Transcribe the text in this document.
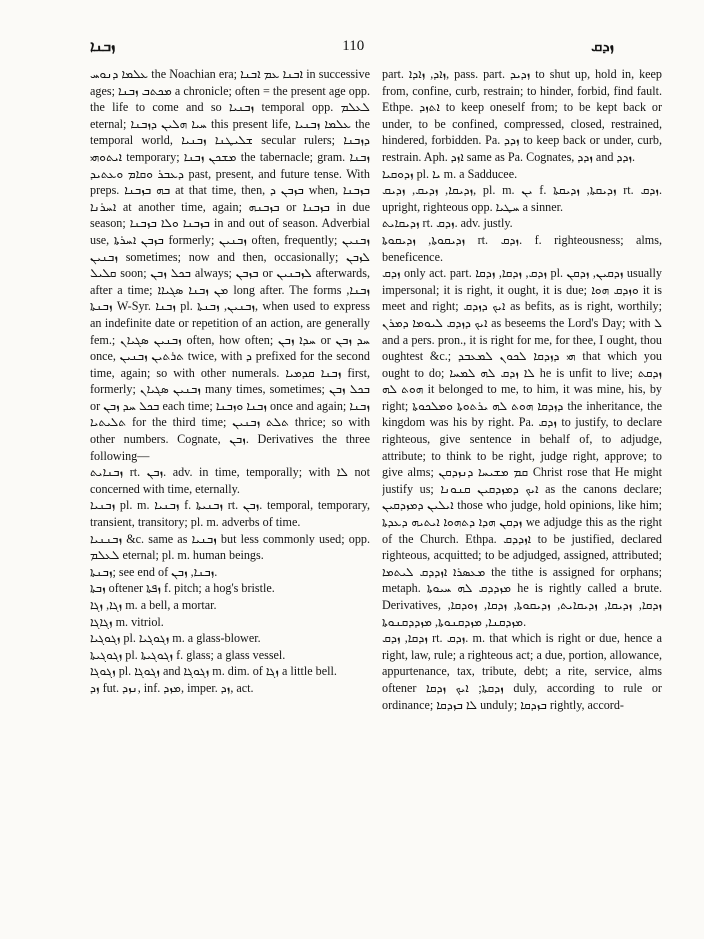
ܙܒܢܐ	110	ܙܕܩ

ܥܠܡܐ ܕܢܘܚ the Noachian era; ܐܒܢܐ ܥܡ ܐܒܢܐ in successive ages; ܡܟܬܒ ܙܒܢܐ a chronicle; often = the present age opp. the life to come and so ܙܒܢܝܐ temporal opp. ܠܥܠܡ eternal; ܚܝܐ ܗܠܝܢ ܕܙܒܢܐ this present life, ܥܠܡܐ ܙܒܢܝܐ the temporal world, ܫܠܝܛܢܐ ܙܒܢܝܐ secular rulers; ܕܙܒܢܐ ܐܝܬܘܗܝ temporary; ܡܫܟܢ ܙܒܢܐ the tabernacle; gram. ܙܒܢܐ ܕܥܒܪ ܘܩܐܡ ܘܥܬܝܕ past, present, and future tense. With preps. ܒܗ ܒܙܒܢܐ at that time, then, ܒܙܒܢ ܕ when, ܒܙܒܢܐ ܐܚܪܢܐ at another time, again; ܒܙܒܢܗ or ܒܙܒܢܐ in due season; ܒܙܒܢܐ ܘܠܐ ܒܙܒܢܐ in and out of season. Adverbial use, ܒܙܒܢ ܐܚܪܬܐ formerly; ܙܒܢܝܢ often, frequently; ܙܒܢܝܢ ܙܒܢܝܢ sometimes; now and then, occasionally; ܠܙܒܢ ܩܠܝܠ soon; ܒܟܠ ܙܒܢ always; ܒܙܒܢ or ܠܙܒܢܝܢ afterwards, after a time; ܡܢ ܙܒܢܐ ܣܓܝܐܐ long after. The forms ܙܒܢܐ, ܙܒܢܬܐ W-Syr. ܙܒܢܐ pl. ܙܒܢܝܢ, ܙܒܢܬܐ, when used to express an indefinite date or repetition of an action, are generally fem.; ܙܒܢܝܢ ܣܓܝܐܢ often, how often; ܚܕܐ ܙܒܢ or ܚܕ ܙܒܢ once, ܬܪܬܝܢ ܙܒܢܝܢ twice, with ܕ prefixed for the second time, again; so with other numerals. ܙܒܢܐ ܩܕܡܝܐ first, formerly; ܙܒܢܝܢ ܣܓܝܐܢ many times, sometimes; ܒܟܠ ܙܒܢ or ܒܟܠ ܚܕ ܙܒܢ each time; ܙܒܢܐ ܘܙܒܢܐ once and again; ܙܒܢܐ ܬܠܝܬܝܐ for the third time; ܬܠܬ ܙܒܢܝܢ thrice; so with other numbers. Cognate, ܙܒܢ. Derivatives the three following—

ܙܒܢܐܝܬ rt. ܙܒܢ. adv. in time, temporally; with ܠܐ not concerned with time, eternally.

ܙܒܢܝܐ pl. m. ܙܒܢܝܐ f. ܙܒܢܝܬܐ rt. ܙܒܢ. temporal, temporary, transient, transitory; pl. m. adverbs of time.

ܙܒܢܢܝܐ &c. same as ܙܒܢܝܐ but less commonly used; opp. ܠܥܠܡ eternal; pl. m. human beings.

ܙܒܢܬܐ; see end of ܙܒܢܐ, ܙܒܢ.

ܙܒܬܐ oftener ܙܦܬܐ f. pitch; a hog's bristle.

ܙܓܐ, ܙܓܐ m. a bell, a mortar.

ܙܓܐܓܐ m. vitriol.

ܙܓܘܓܝܐ pl. ܙܓܘܓܝܐ m. a glass-blower.

ܙܓܘܓܝܬܐ pl. ܙܓܘܓܝܬܐ f. glass; a glass vessel.

ܙܓܘܓܐ pl. ܙܓܘܓܐ and ܙܓܘܓܐ m. dim. of ܙܓܐ a little bell.

ܙܕ fut. ܢܙܕ, inf. ܡܙܕ, imper. ܙܕ, act.

part. ܙܐܕ, ܙܐܕܐ, pass. part. ܙܕܝܕ to shut up, hold in, keep from, confine, curb, restrain; to hinder, forbid, find fault. Ethpe. ܐܬܙܕ to keep oneself from; to be kept back or under, to be confined, compressed, closed, restrained, hindered, forbidden. Pa. ܙܕܕ to keep back or under, curb, restrain. Aph. ܐܙܕ same as Pa. Cognates, ܙܕܕ and ܙܕܕ.

ܙܕܘܩܝܐ pl. ܝܐ m. a Sadducee.

ܙܕܝܩܐ, ܙܕܝܩ, ܙܕܝܩ, pl. m. ܝܢ f. ܙܕܝܩܬܐ, ܙܕܝܩܬܐ rt. ܙܕܩ. upright, righteous opp. ܚܛܝܐ a sinner.

ܙܕܝܩܐܝܬ rt. ܙܕܩ. adv. justly.

ܙܕܝܩܘܬܐ, ܙܕܝܩܘܬܐ rt. ܙܕܩ. f. righteousness; alms, beneficence.

ܙܕܩ only act. part. ܙܕܩ, ܙܕܩܐ, ܙܕܩܐ pl. ܙܕܩܝܢ, ܙܕܩܢ usually impersonal; it is right, it ought, it is due; ܘܙܕܩ ܗܘܐ it is meet and right; ܐܝܟ ܕܙܕܩ as befits, as is right, worthily; ܐܝܟ ܕܙܕܩ ܠܝܘܡܐ ܕܡܪܢ as beseems the Lord's Day; with ܠ and a pers. pron., it is right for me, for thee, I ought, thou oughtest &c.; ܗܝ ܕܙܕܩܐ ܠܟܘܢ ܠܡܥܒܕ that which you ought to do; ܠܐ ܙܕܩ ܠܗ ܠܡܚܐ he is unfit to live; ܙܕܩܬ ܗܘܬ ܠܗ it belonged to me, to him, it was mine, his, by right; ܕܙܕܩܐ ܗܘܬ ܠܗ ܝܪܬܘܬܐ ܘܡܠܟܘܬܐ the inheritance, the kingdom was his by right. Pa. ܙܕܩ to justify, to declare righteous, give sentence in behalf of, to adjudge, attribute; to think to be right, judge right, approve; to give alms; ܩܡ ܡܫܝܚܐ ܕܢܙܕܩܢ Christ rose that He might justify us; ܐܝܟ ܕܡܙܕܩܝܢ ܩܢܘܢܐ as the canons declare; ܐܝܠܝܢ ܕܡܙܕܩܝܢ those who judge, hold opinions, like him; ܙܕܩܢ ܗܕܐ ܕܬܗܘܐ ܐܝܬܝܗ ܕܥܕܬܐ we adjudge this as the right of the Church. Ethpa. ܐܙܕܕܩ to be justified, declared righteous, acquitted; to be adjudged, assigned, attributed; ܡܥܣܪܐ ܐܙܕܕܩ ܠܝܬܡܐ the tithe is assigned for orphans; metaph. ܡܙܕܕܩ ܠܗ ܚܝܘܬܐ he is rightly called a brute. Derivatives, ܙܕܩܐ, ܙܕܝܩܐ, ܙܕܝܩܐܝܬ, ܙܕܝܩܘܬܐ, ܙܕܩܐ, ܙܘܕܩܐ, ܡܙܕܩܢܐ, ܡܙܕܩܢܘܬܐ, ܡܙܕܕܩܢܘܬܐ.

ܙܕܩܐ, ܙܕܩ rt. ܙܕܩ. m. that which is right or due, hence a right, law, rule; a righteous act; a due, portion, allowance, appurtenance, tax, tribute, debt; a rite, service, alms oftener ܙܕܩܬܐ; ܐܝܟ ܙܕܩܐ duly, according to rule or ordinance; ܠܐ ܒܙܕܩܐ unduly; ܒܙܕܩܐ rightly, accord-
